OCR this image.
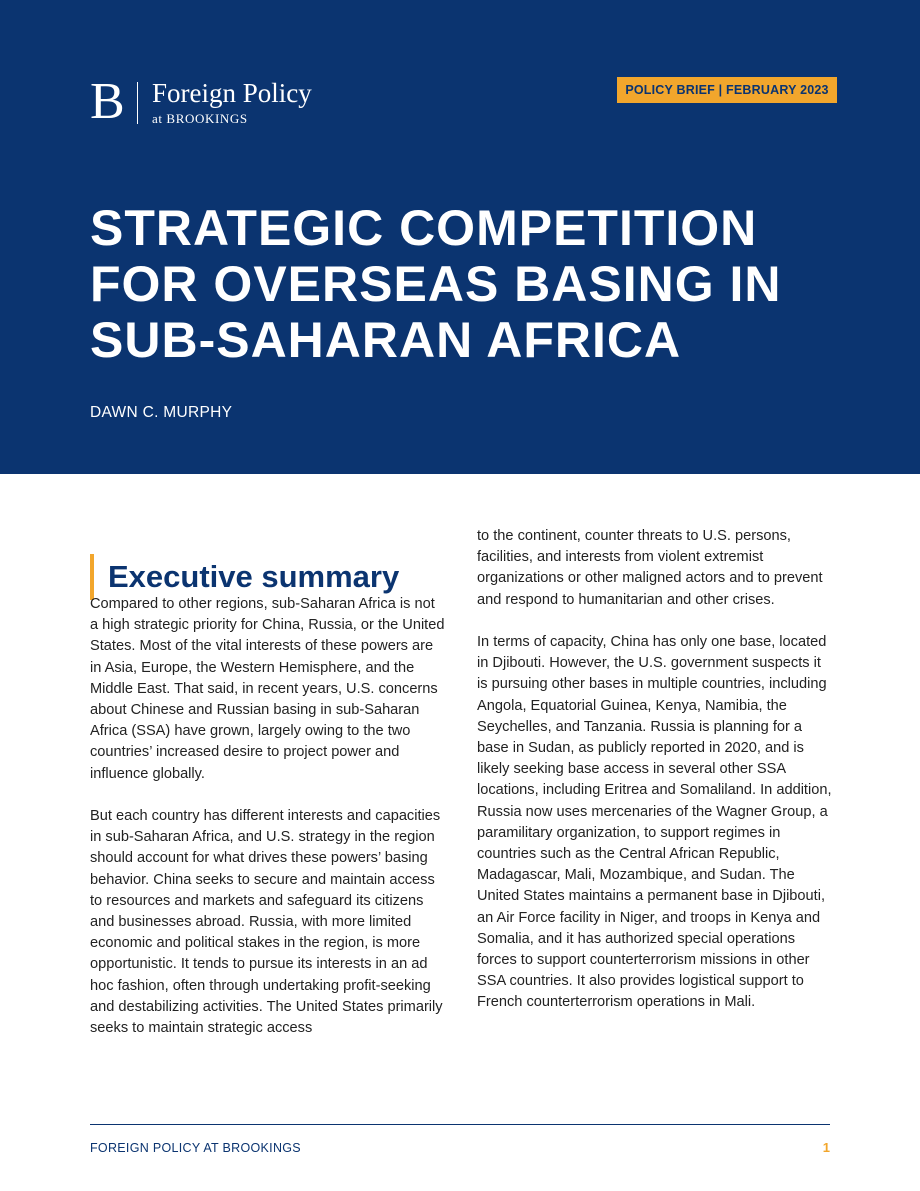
B Foreign Policy
at BROOKINGS
POLICY BRIEF | FEBRUARY 2023
STRATEGIC COMPETITION
FOR OVERSEAS BASING IN
SUB-SAHARAN AFRICA
DAWN C. MURPHY
Executive summary

Compared to other regions, sub-Saharan Africa is not a high strategic priority for China, Russia, or the United States. Most of the vital interests of these powers are in Asia, Europe, the Western Hemisphere, and the Middle East. That said, in recent years, U.S. concerns about Chinese and Russian basing in sub-Saharan Africa (SSA) have grown, largely owing to the two countries’ increased desire to project power and influence globally.

But each country has different interests and capacities in sub-Saharan Africa, and U.S. strategy in the region should account for what drives these powers’ basing behavior. China seeks to secure and maintain access to resources and markets and safeguard its citizens and businesses abroad. Russia, with more limited economic and political stakes in the region, is more opportunistic. It tends to pursue its interests in an ad hoc fashion, often through undertaking profit-seeking and destabilizing activities. The United States primarily seeks to maintain strategic access

to the continent, counter threats to U.S. persons, facilities, and interests from violent extremist organizations or other maligned actors and to prevent and respond to humanitarian and other crises.

In terms of capacity, China has only one base, located in Djibouti. However, the U.S. government suspects it is pursuing other bases in multiple countries, including Angola, Equatorial Guinea, Kenya, Namibia, the Seychelles, and Tanzania. Russia is planning for a base in Sudan, as publicly reported in 2020, and is likely seeking base access in several other SSA locations, including Eritrea and Somaliland. In addition, Russia now uses mercenaries of the Wagner Group, a paramilitary organization, to support regimes in countries such as the Central African Republic, Madagascar, Mali, Mozambique, and Sudan. The United States maintains a permanent base in Djibouti, an Air Force facility in Niger, and troops in Kenya and Somalia, and it has authorized special operations forces to support counterterrorism missions in other SSA countries. It also provides logistical support to French counterterrorism operations in Mali.

FOREIGN POLICY AT BROOKINGS	1
